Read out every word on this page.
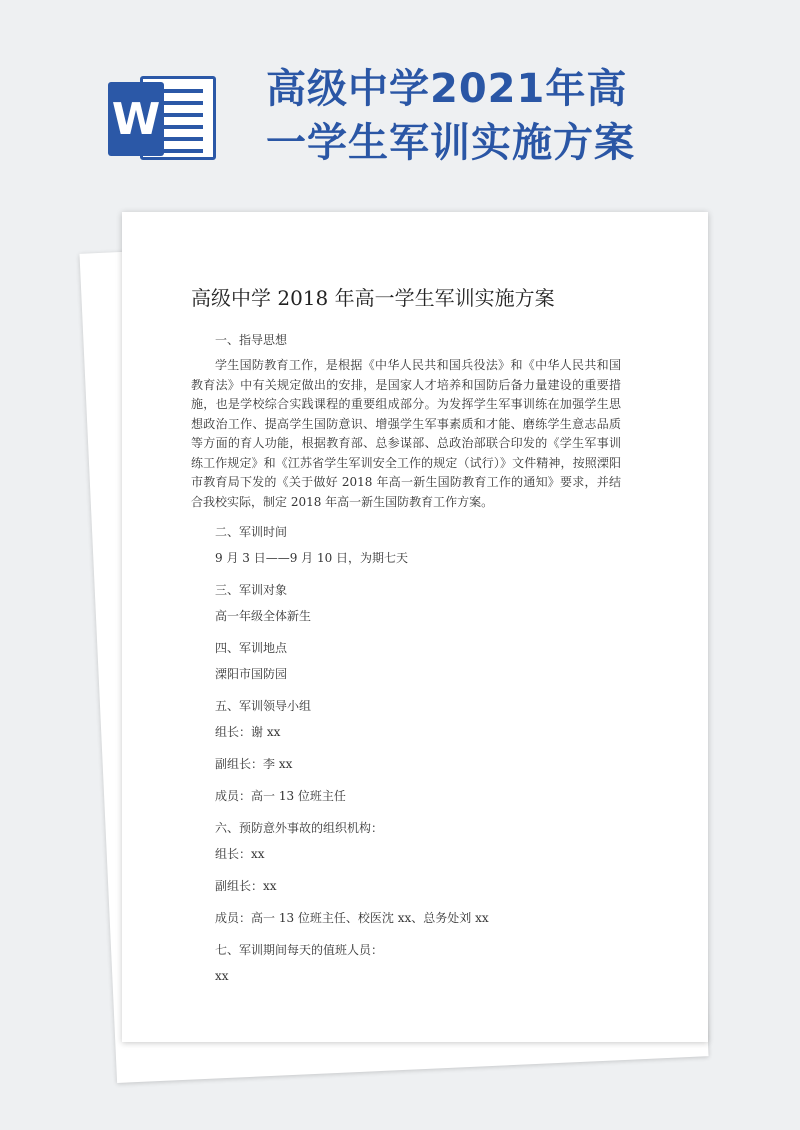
W
高级中学2021年高
一学生军训实施方案
高级中学 2018 年高一学生军训实施方案

一、指导思想

学生国防教育工作，是根据《中华人民共和国兵役法》和《中华人民共和国教育法》中有关规定做出的安排，是国家人才培养和国防后备力量建设的重要措施，也是学校综合实践课程的重要组成部分。为发挥学生军事训练在加强学生思想政治工作、提高学生国防意识、增强学生军事素质和才能、磨练学生意志品质等方面的育人功能，根据教育部、总参谋部、总政治部联合印发的《学生军事训练工作规定》和《江苏省学生军训安全工作的规定（试行）》文件精神，按照溧阳市教育局下发的《关于做好 2018 年高一新生国防教育工作的通知》要求，并结合我校实际，制定 2018 年高一新生国防教育工作方案。

二、军训时间

9 月 3 日——9 月 10 日，为期七天

三、军训对象

高一年级全体新生

四、军训地点

溧阳市国防园

五、军训领导小组

组长：谢 xx

副组长：李 xx

成员：高一 13 位班主任

六、预防意外事故的组织机构：

组长：xx

副组长：xx

成员：高一 13 位班主任、校医沈 xx、总务处刘 xx

七、军训期间每天的值班人员：

xx
